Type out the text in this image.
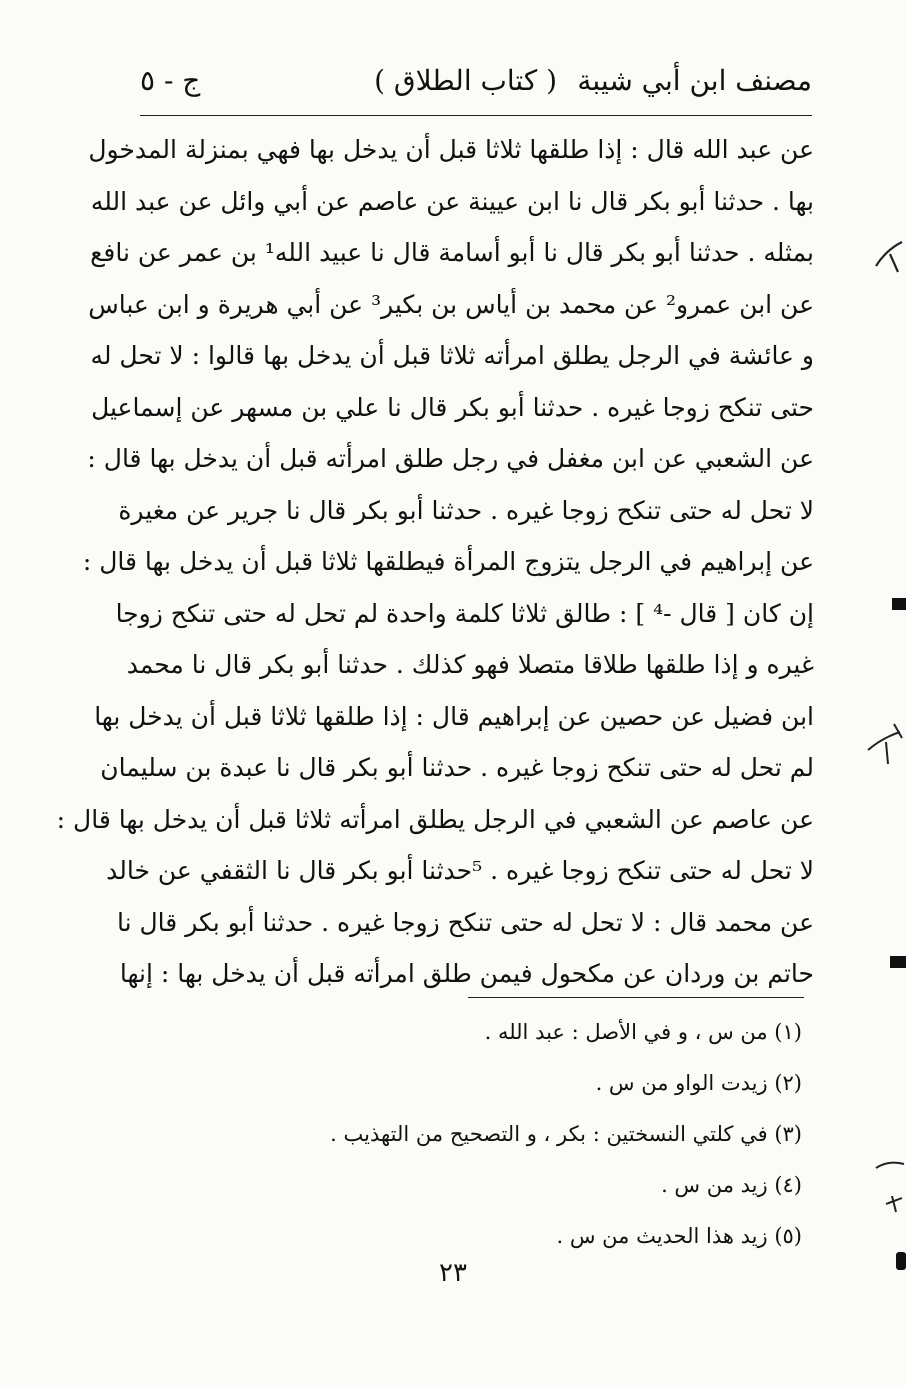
مصنف ابن أبي شيبة
( كتاب الطلاق )
ج - ٥
عن عبد الله قال : إذا طلقها ثلاثا قبل أن يدخل بها فهي بمنزلة المدخول
بها . حدثنا أبو بكر قال نا ابن عيينة عن عاصم عن أبي وائل عن عبد الله
بمثله . حدثنا أبو بكر قال نا أبو أسامة قال نا عبيد الله¹ بن عمر عن نافع
عن ابن عمرو² عن محمد بن أياس بن بكير³ عن أبي هريرة و ابن عباس
و عائشة في الرجل يطلق امرأته ثلاثا قبل أن يدخل بها قالوا : لا تحل له
حتى تنكح زوجا غيره . حدثنا أبو بكر قال نا علي بن مسهر عن إسماعيل
عن الشعبي عن ابن مغفل في رجل طلق امرأته قبل أن يدخل بها قال :
لا تحل له حتى تنكح زوجا غيره . حدثنا أبو بكر قال نا جرير عن مغيرة
عن إبراهيم في الرجل يتزوج المرأة فيطلقها ثلاثا قبل أن يدخل بها قال :
إن كان [ قال -⁴ ] : طالق ثلاثا كلمة واحدة لم تحل له حتى تنكح زوجا
غيره و إذا طلقها طلاقا متصلا فهو كذلك . حدثنا أبو بكر قال نا محمد
ابن فضيل عن حصين عن إبراهيم قال : إذا طلقها ثلاثا قبل أن يدخل بها
لم تحل له حتى تنكح زوجا غيره . حدثنا أبو بكر قال نا عبدة بن سليمان
عن عاصم عن الشعبي في الرجل يطلق امرأته ثلاثا قبل أن يدخل بها قال :
لا تحل له حتى تنكح زوجا غيره . ⁵حدثنا أبو بكر قال نا الثقفي عن خالد
عن محمد قال : لا تحل له حتى تنكح زوجا غيره . حدثنا أبو بكر قال نا
حاتم بن وردان عن مكحول فيمن طلق امرأته قبل أن يدخل بها : إنها
(١) من س ، و في الأصل : عبد الله .
(٢) زيدت الواو من س .
(٣) في كلتي النسختين : بكر ، و التصحيح من التهذيب .
(٤) زيد من س .
(٥) زيد هذا الحديث من س .
٢٣
